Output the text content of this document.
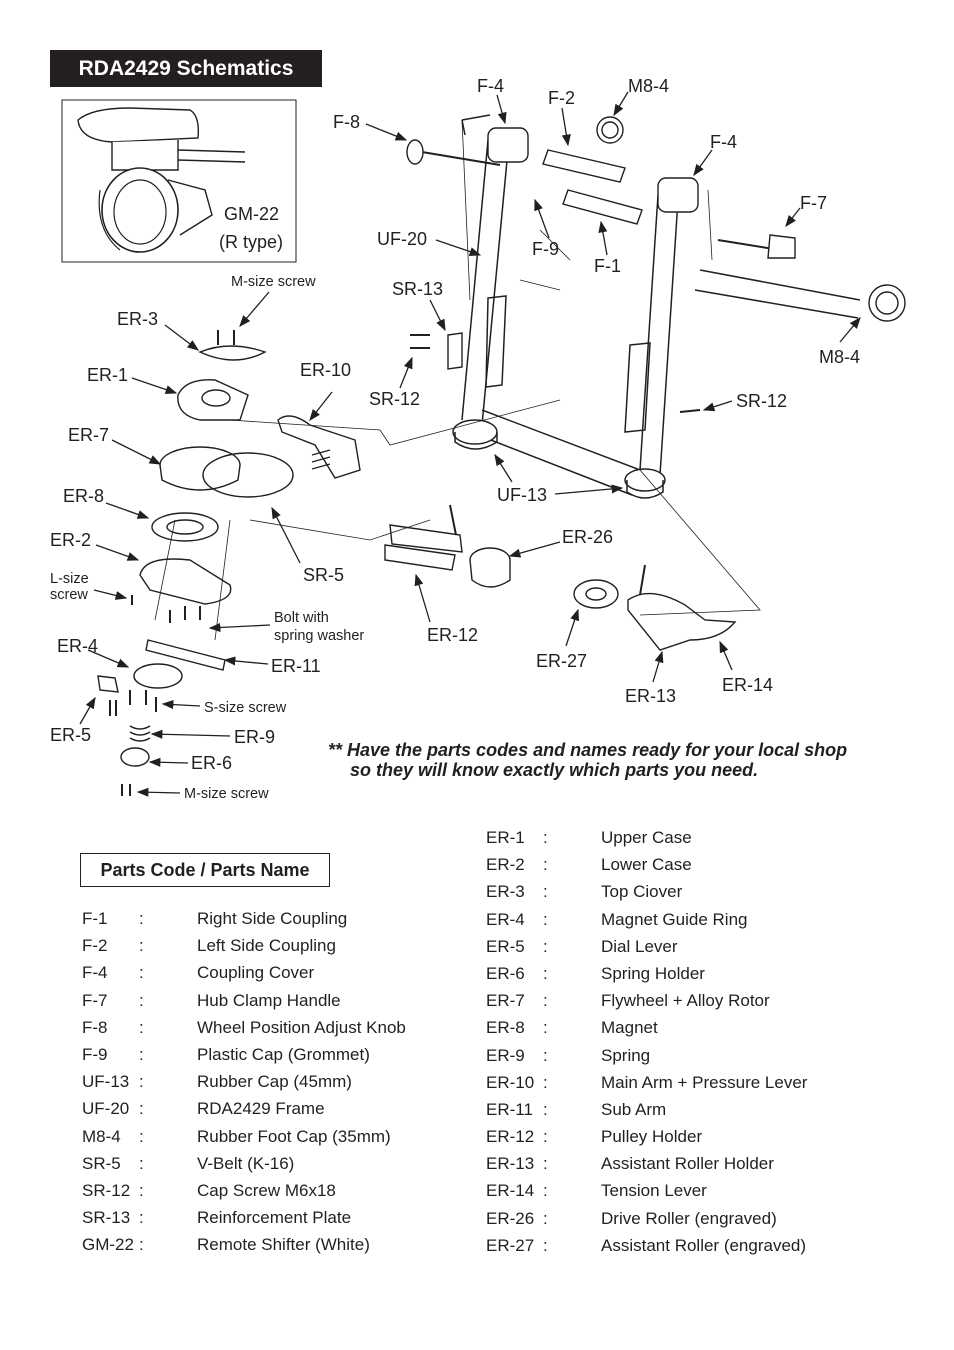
RDA2429 Schematics
GM-22
(R type)
M-size screw
ER-3
ER-1
ER-7
ER-8
ER-2
L-size
screw
ER-4
ER-5	ER-9
ER-6
S-size screw
M-size screw
ER-10
SR-5
Bolt with
spring washer
ER-11
ER-12
F-8
F-4
F-2
M8-4
F-4
F-7
UF-20	F-9
F-1
SR-13
SR-12
M8-4
SR-12
UF-13
ER-26
ER-27
ER-13
ER-14
** Have the parts codes and names ready for your local shop
so they will know exactly which parts you need.
Parts Code / Parts Name
F-1 :	Right Side Coupling
F-2 :	Left Side Coupling
F-4 :	Coupling Cover
F-7 :	Hub Clamp Handle
F-8 :	Wheel Position Adjust Knob
F-9 :	Plastic Cap (Grommet)
UF-13 :	Rubber Cap (45mm)
UF-20 :	RDA2429 Frame
M8-4 :	Rubber Foot Cap (35mm)
SR-5 :	V-Belt (K-16)
SR-12 :	Cap Screw M6x18
SR-13 :	Reinforcement Plate
GM-22 :	Remote Shifter (White)
ER-1 :	Upper Case
ER-2 :	Lower Case
ER-3 :	Top Ciover
ER-4 :	Magnet Guide Ring
ER-5 :	Dial Lever
ER-6 :	Spring Holder
ER-7 :	Flywheel + Alloy Rotor
ER-8 :	Magnet
ER-9 :	Spring
ER-10 :	Main Arm + Pressure Lever
ER-11 :	Sub Arm
ER-12 :	Pulley Holder
ER-13 :	Assistant Roller Holder
ER-14 :	Tension Lever
ER-26 :	Drive Roller (engraved)
ER-27 :	Assistant Roller (engraved)
